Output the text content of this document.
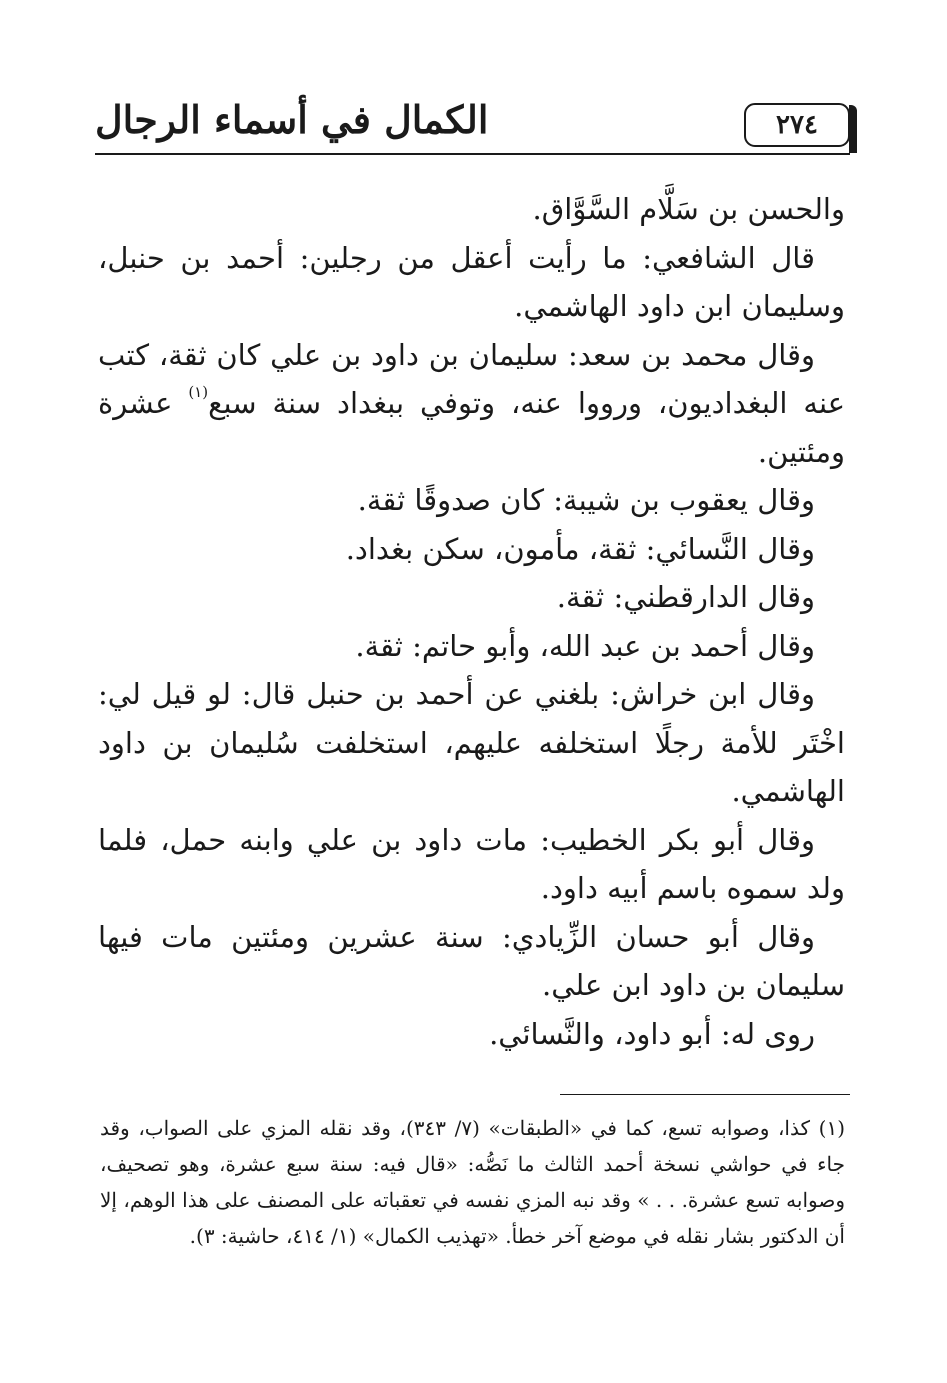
الكمال في أسماء الرجال	٢٧٤

والحسن بن سَلَّام السَّوَّاق.

قال الشافعي: ما رأيت أعقل من رجلين: أحمد بن حنبل، وسليمان ابن داود الهاشمي.

وقال محمد بن سعد: سليمان بن داود بن علي كان ثقة، كتب عنه البغداديون، ورووا عنه، وتوفي ببغداد سنة سبع$^{(١)}$ عشرة ومئتين.

وقال يعقوب بن شيبة: كان صدوقًا ثقة.

وقال النَّسائي: ثقة، مأمون، سكن بغداد.

وقال الدارقطني: ثقة.

وقال أحمد بن عبد الله، وأبو حاتم: ثقة.

وقال ابن خراش: بلغني عن أحمد بن حنبل قال: لو قيل لي: اخْتَر للأمة رجلًا استخلفه عليهم، استخلفت سُليمان بن داود الهاشمي.

وقال أبو بكر الخطيب: مات داود بن علي وابنه حمل، فلما ولد سموه باسم أبيه داود.

وقال أبو حسان الزِّيادي: سنة عشرين ومئتين مات فيها سليمان بن داود ابن علي.

روى له: أبو داود، والنَّسائي.

(١) كذا، وصوابه تسع، كما في «الطبقات» (٧/ ٣٤٣)، وقد نقله المزي على الصواب، وقد جاء في حواشي نسخة أحمد الثالث ما نَصُّه: «قال فيه: سنة سبع عشرة، وهو تصحيف، وصوابه تسع عشرة. . . » وقد نبه المزي نفسه في تعقباته على المصنف على هذا الوهم، إلا أن الدكتور بشار نقله في موضع آخر خطأ. «تهذيب الكمال» (١/ ٤١٤، حاشية: ٣).
